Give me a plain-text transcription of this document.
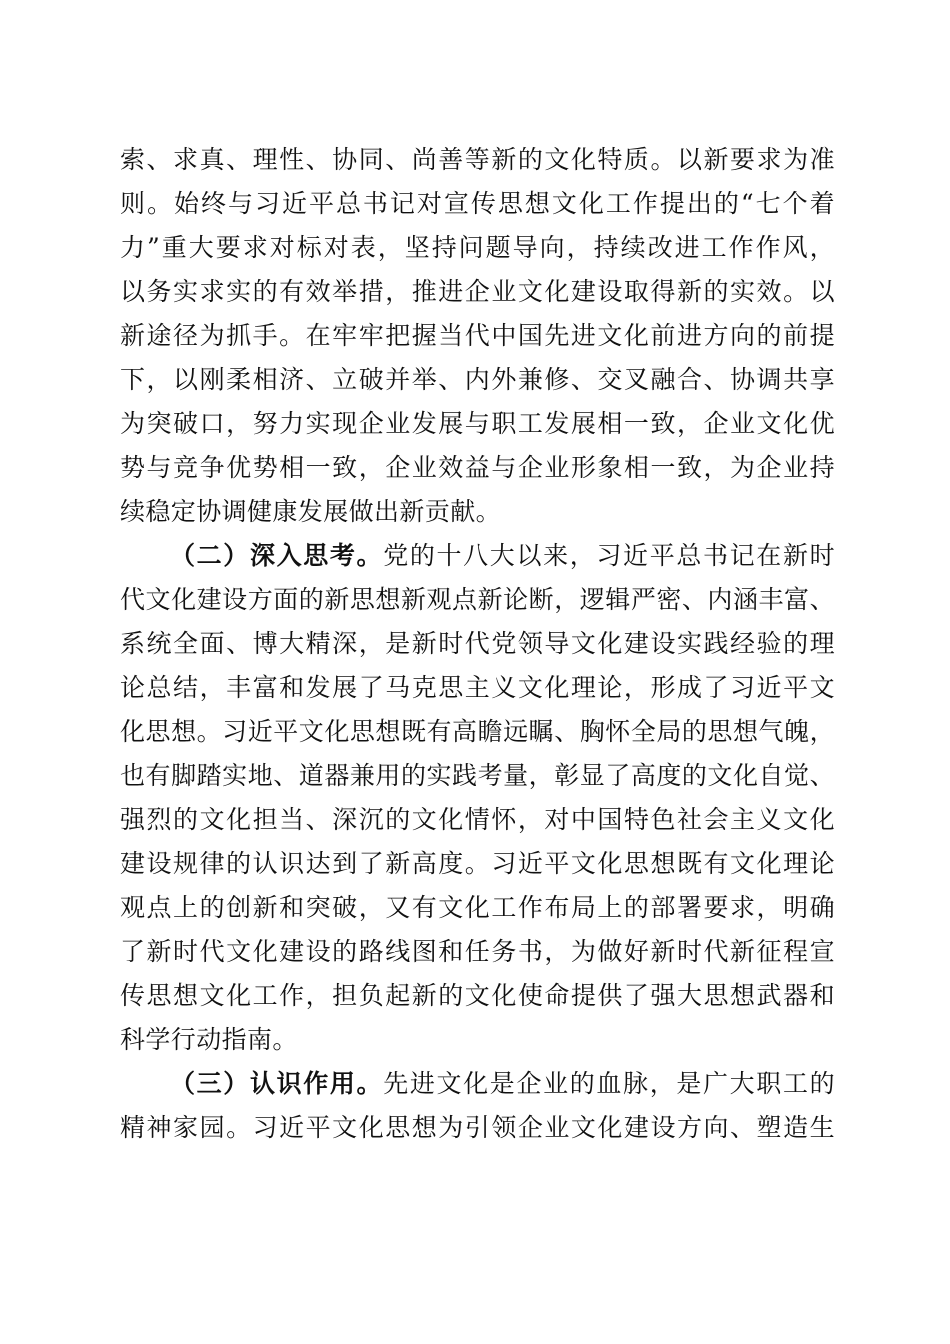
索、求真、理性、协同、尚善等新的文化特质。以新要求为准
则。始终与习近平总书记对宣传思想文化工作提出的“七个着
力”重大要求对标对表，坚持问题导向，持续改进工作作风，
以务实求实的有效举措，推进企业文化建设取得新的实效。以
新途径为抓手。在牢牢把握当代中国先进文化前进方向的前提
下，以刚柔相济、立破并举、内外兼修、交叉融合、协调共享
为突破口，努力实现企业发展与职工发展相一致，企业文化优
势与竞争优势相一致，企业效益与企业形象相一致，为企业持
续稳定协调健康发展做出新贡献。
（二）深入思考。党的十八大以来，习近平总书记在新时
代文化建设方面的新思想新观点新论断，逻辑严密、内涵丰富、
系统全面、博大精深，是新时代党领导文化建设实践经验的理
论总结，丰富和发展了马克思主义文化理论，形成了习近平文
化思想。习近平文化思想既有高瞻远瞩、胸怀全局的思想气魄，
也有脚踏实地、道器兼用的实践考量，彰显了高度的文化自觉、
强烈的文化担当、深沉的文化情怀，对中国特色社会主义文化
建设规律的认识达到了新高度。习近平文化思想既有文化理论
观点上的创新和突破，又有文化工作布局上的部署要求，明确
了新时代文化建设的路线图和任务书，为做好新时代新征程宣
传思想文化工作，担负起新的文化使命提供了强大思想武器和
科学行动指南。
（三）认识作用。先进文化是企业的血脉，是广大职工的
精神家园。习近平文化思想为引领企业文化建设方向、塑造生
